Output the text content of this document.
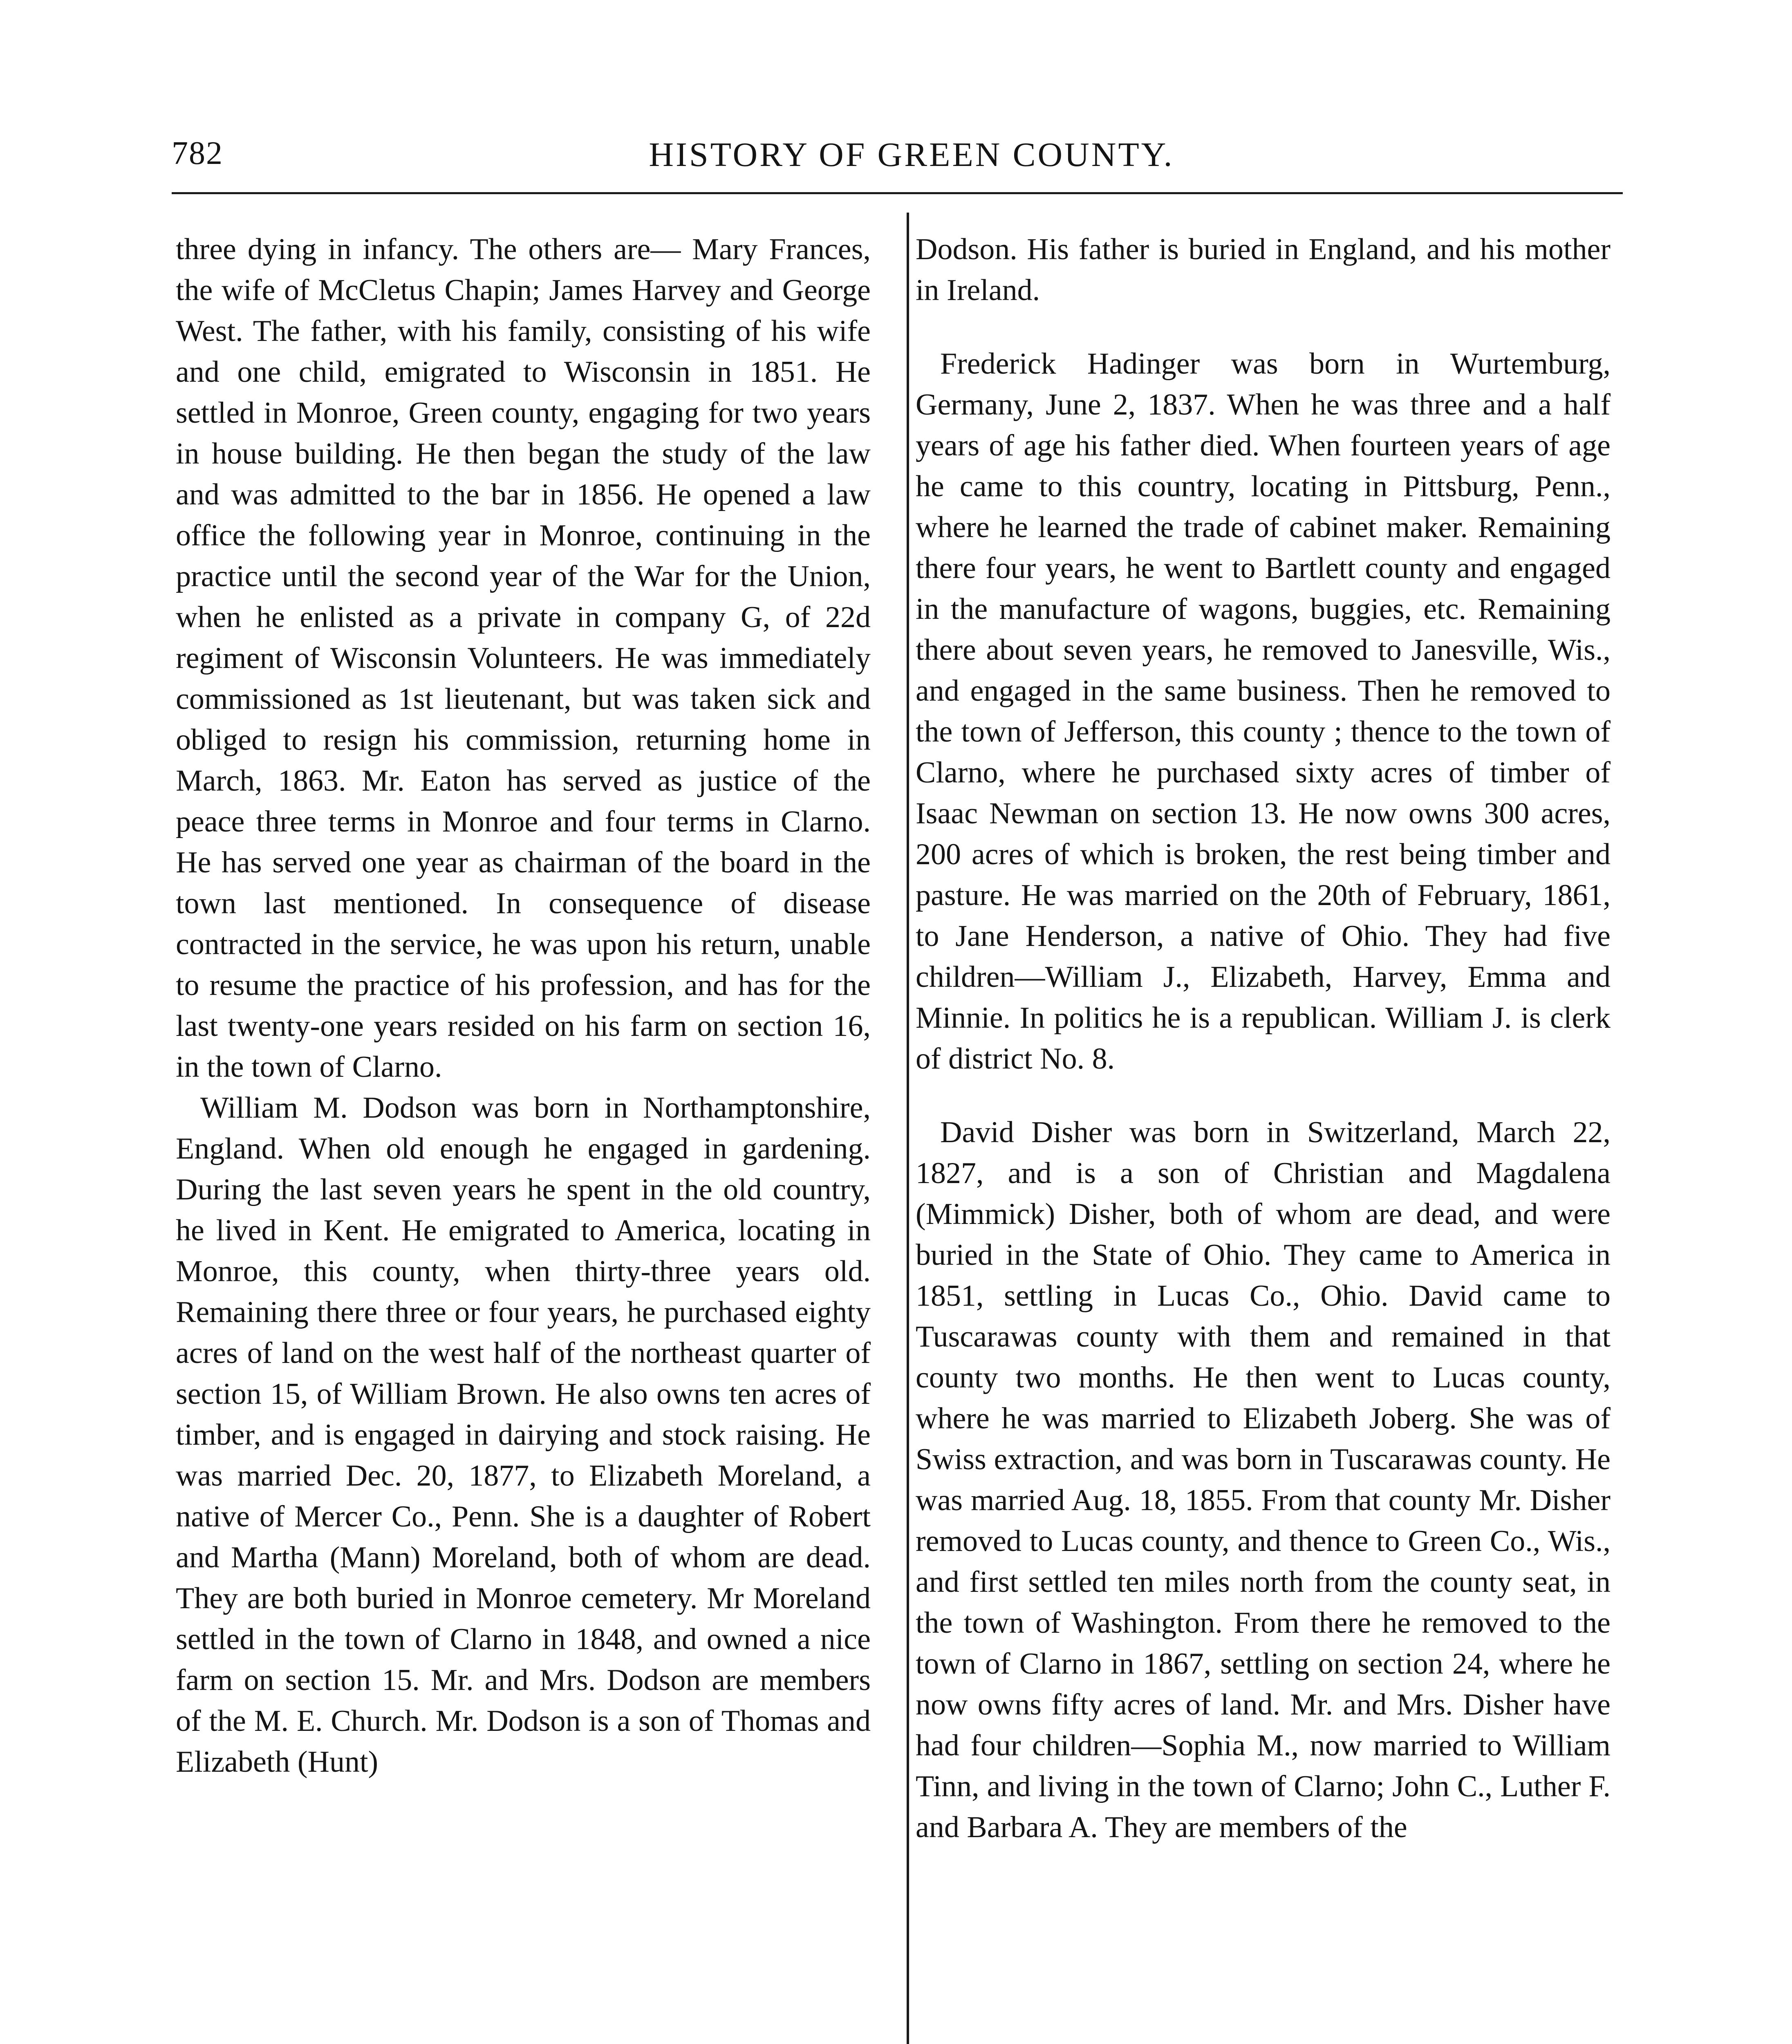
782	HISTORY OF GREEN COUNTY.

three dying in infancy. The others are— Mary Frances, the wife of McCletus Chapin; James Harvey and George West. The father, with his family, consisting of his wife and one child, emigrated to Wisconsin in 1851. He settled in Monroe, Green county, engaging for two years in house building. He then began the study of the law and was admitted to the bar in 1856. He opened a law office the following year in Monroe, continuing in the practice until the second year of the War for the Union, when he enlisted as a private in company G, of 22d regiment of Wisconsin Volunteers. He was immediately commissioned as 1st lieutenant, but was taken sick and obliged to resign his commission, returning home in March, 1863. Mr. Eaton has served as justice of the peace three terms in Monroe and four terms in Clarno. He has served one year as chairman of the board in the town last mentioned. In consequence of disease contracted in the service, he was upon his return, unable to resume the practice of his profession, and has for the last twenty-one years resided on his farm on section 16, in the town of Clarno.

William M. Dodson was born in Northamptonshire, England. When old enough he engaged in gardening. During the last seven years he spent in the old country, he lived in Kent. He emigrated to America, locating in Monroe, this county, when thirty-three years old. Remaining there three or four years, he purchased eighty acres of land on the west half of the northeast quarter of section 15, of William Brown. He also owns ten acres of timber, and is engaged in dairying and stock raising. He was married Dec. 20, 1877, to Elizabeth Moreland, a native of Mercer Co., Penn. She is a daughter of Robert and Martha (Mann) Moreland, both of whom are dead. They are both buried in Monroe cemetery. Mr Moreland settled in the town of Clarno in 1848, and owned a nice farm on section 15. Mr. and Mrs. Dodson are members of the M. E. Church. Mr. Dodson is a son of Thomas and Elizabeth (Hunt)

Dodson. His father is buried in England, and his mother in Ireland.

Frederick Hadinger was born in Wurtemburg, Germany, June 2, 1837. When he was three and a half years of age his father died. When fourteen years of age he came to this country, locating in Pittsburg, Penn., where he learned the trade of cabinet maker. Remaining there four years, he went to Bartlett county and engaged in the manufacture of wagons, buggies, etc. Remaining there about seven years, he removed to Janesville, Wis., and engaged in the same business. Then he removed to the town of Jefferson, this county ; thence to the town of Clarno, where he purchased sixty acres of timber of Isaac Newman on section 13. He now owns 300 acres, 200 acres of which is broken, the rest being timber and pasture. He was married on the 20th of February, 1861, to Jane Henderson, a native of Ohio. They had five children—William J., Elizabeth, Harvey, Emma and Minnie. In politics he is a republican. William J. is clerk of district No. 8.

David Disher was born in Switzerland, March 22, 1827, and is a son of Christian and Magdalena (Mimmick) Disher, both of whom are dead, and were buried in the State of Ohio. They came to America in 1851, settling in Lucas Co., Ohio. David came to Tuscarawas county with them and remained in that county two months. He then went to Lucas county, where he was married to Elizabeth Joberg. She was of Swiss extraction, and was born in Tuscarawas county. He was married Aug. 18, 1855. From that county Mr. Disher removed to Lucas county, and thence to Green Co., Wis., and first settled ten miles north from the county seat, in the town of Washington. From there he removed to the town of Clarno in 1867, settling on section 24, where he now owns fifty acres of land. Mr. and Mrs. Disher have had four children—Sophia M., now married to William Tinn, and living in the town of Clarno; John C., Luther F. and Barbara A. They are members of the
